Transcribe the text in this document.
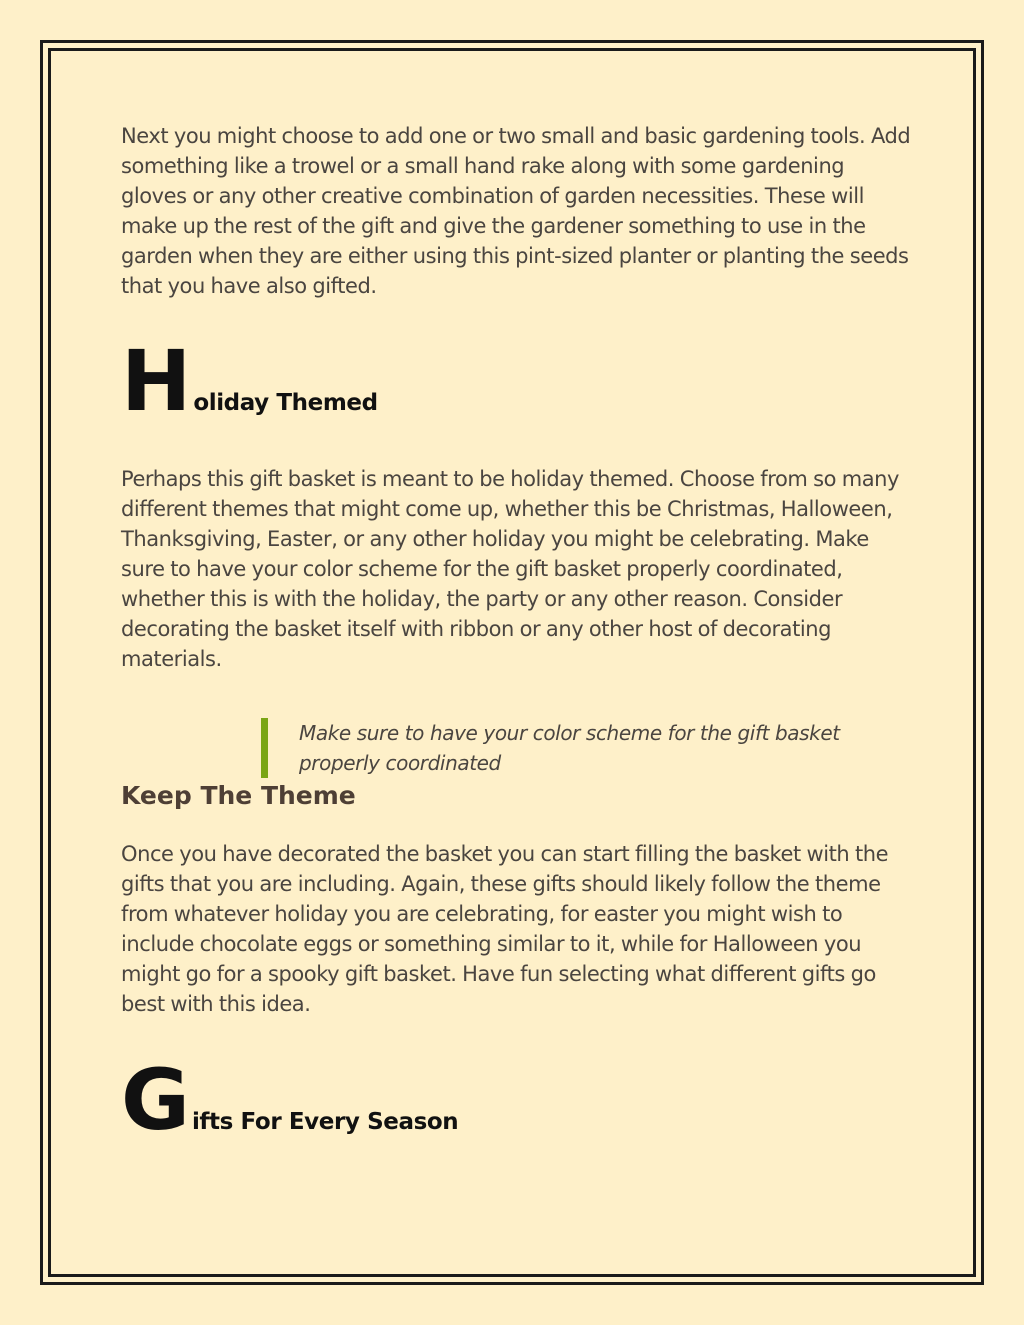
Next you might choose to add one or two small and basic gardening tools. Add something like a trowel or a small hand rake along with some gardening gloves or any other creative combination of garden necessities. These will make up the rest of the gift and give the gardener something to use in the garden when they are either using this pint-sized planter or planting the seeds that you have also gifted.

H oliday Themed

Perhaps this gift basket is meant to be holiday themed. Choose from so many different themes that might come up, whether this be Christmas, Halloween, Thanksgiving, Easter, or any other holiday you might be celebrating. Make sure to have your color scheme for the gift basket properly coordinated, whether this is with the holiday, the party or any other reason. Consider decorating the basket itself with ribbon or any other host of decorating materials.

Make sure to have your color scheme for the gift basket properly coordinated
Keep The Theme

Once you have decorated the basket you can start filling the basket with the gifts that you are including. Again, these gifts should likely follow the theme from whatever holiday you are celebrating, for easter you might wish to include chocolate eggs or something similar to it, while for Halloween you might go for a spooky gift basket. Have fun selecting what different gifts go best with this idea.

G ifts For Every Season
